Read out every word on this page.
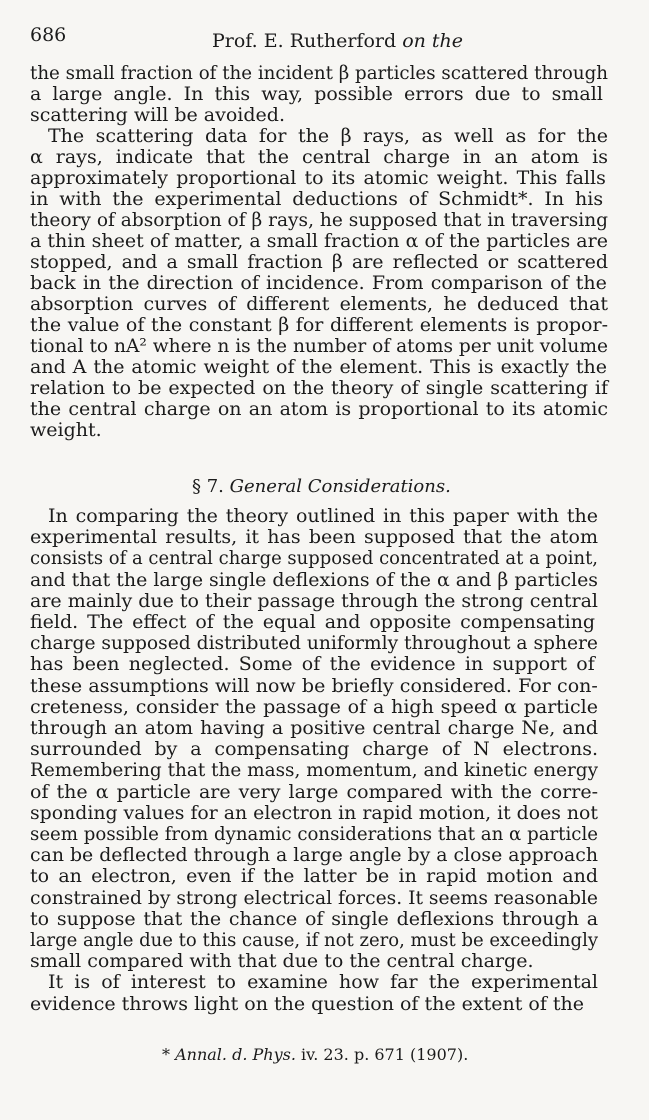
686	Prof. E. Rutherford on the
the small fraction of the incident β particles scattered through
a large angle. In this way, possible errors due to small
scattering will be avoided.
The scattering data for the β rays, as well as for the
α rays, indicate that the central charge in an atom is
approximately proportional to its atomic weight. This falls
in with the experimental deductions of Schmidt*. In his
theory of absorption of β rays, he supposed that in traversing
a thin sheet of matter, a small fraction α of the particles are
stopped, and a small fraction β are reflected or scattered
back in the direction of incidence. From comparison of the
absorption curves of different elements, he deduced that
the value of the constant β for different elements is propor-
tional to nA² where n is the number of atoms per unit volume
and A the atomic weight of the element. This is exactly the
relation to be expected on the theory of single scattering if
the central charge on an atom is proportional to its atomic
weight.
§ 7. General Considerations.
In comparing the theory outlined in this paper with the
experimental results, it has been supposed that the atom
consists of a central charge supposed concentrated at a point,
and that the large single deflexions of the α and β particles
are mainly due to their passage through the strong central
field. The effect of the equal and opposite compensating
charge supposed distributed uniformly throughout a sphere
has been neglected. Some of the evidence in support of
these assumptions will now be briefly considered. For con-
creteness, consider the passage of a high speed α particle
through an atom having a positive central charge Ne, and
surrounded by a compensating charge of N electrons.
Remembering that the mass, momentum, and kinetic energy
of the α particle are very large compared with the corre-
sponding values for an electron in rapid motion, it does not
seem possible from dynamic considerations that an α particle
can be deflected through a large angle by a close approach
to an electron, even if the latter be in rapid motion and
constrained by strong electrical forces. It seems reasonable
to suppose that the chance of single deflexions through a
large angle due to this cause, if not zero, must be exceedingly
small compared with that due to the central charge.
It is of interest to examine how far the experimental
evidence throws light on the question of the extent of the
* Annal. d. Phys. iv. 23. p. 671 (1907).
